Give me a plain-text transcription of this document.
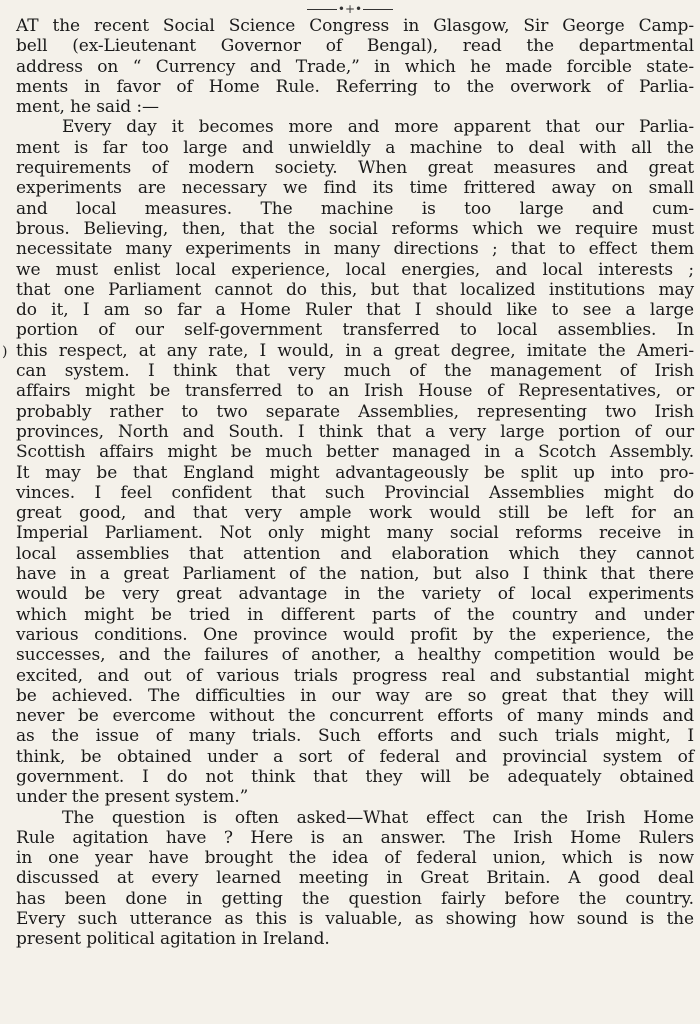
•+•
)

AT the recent Social Science Congress in Glasgow, Sir George Camp-
bell (ex-Lieutenant Governor of Bengal), read the departmental
address on “ Currency and Trade,” in which he made forcible state-
ments in favor of Home Rule. Referring to the overwork of Parlia-
ment, he said :—

Every day it becomes more and more apparent that our Parlia-
ment is far too large and unwieldly a machine to deal with all the
requirements of modern society. When great measures and great
experiments are necessary we find its time frittered away on small
and local measures. The machine is too large and cum-
brous. Believing, then, that the social reforms which we require must
necessitate many experiments in many directions ; that to effect them
we must enlist local experience, local energies, and local interests ;
that one Parliament cannot do this, but that localized institutions may
do it, I am so far a Home Ruler that I should like to see a large
portion of our self-government transferred to local assemblies. In
this respect, at any rate, I would, in a great degree, imitate the Ameri-
can system. I think that very much of the management of Irish
affairs might be transferred to an Irish House of Representatives, or
probably rather to two separate Assemblies, representing two Irish
provinces, North and South. I think that a very large portion of our
Scottish affairs might be much better managed in a Scotch Assembly.
It may be that England might advantageously be split up into pro-
vinces. I feel confident that such Provincial Assemblies might do
great good, and that very ample work would still be left for an
Imperial Parliament. Not only might many social reforms receive in
local assemblies that attention and elaboration which they cannot
have in a great Parliament of the nation, but also I think that there
would be very great advantage in the variety of local experiments
which might be tried in different parts of the country and under
various conditions. One province would profit by the experience, the
successes, and the failures of another, a healthy competition would be
excited, and out of various trials progress real and substantial might
be achieved. The difficulties in our way are so great that they will
never be evercome without the concurrent efforts of many minds and
as the issue of many trials. Such efforts and such trials might, I
think, be obtained under a sort of federal and provincial system of
government. I do not think that they will be adequately obtained
under the present system.”

The question is often asked—What effect can the Irish Home
Rule agitation have ? Here is an answer. The Irish Home Rulers
in one year have brought the idea of federal union, which is now
discussed at every learned meeting in Great Britain. A good deal
has been done in getting the question fairly before the country.
Every such utterance as this is valuable, as showing how sound is the
present political agitation in Ireland.
